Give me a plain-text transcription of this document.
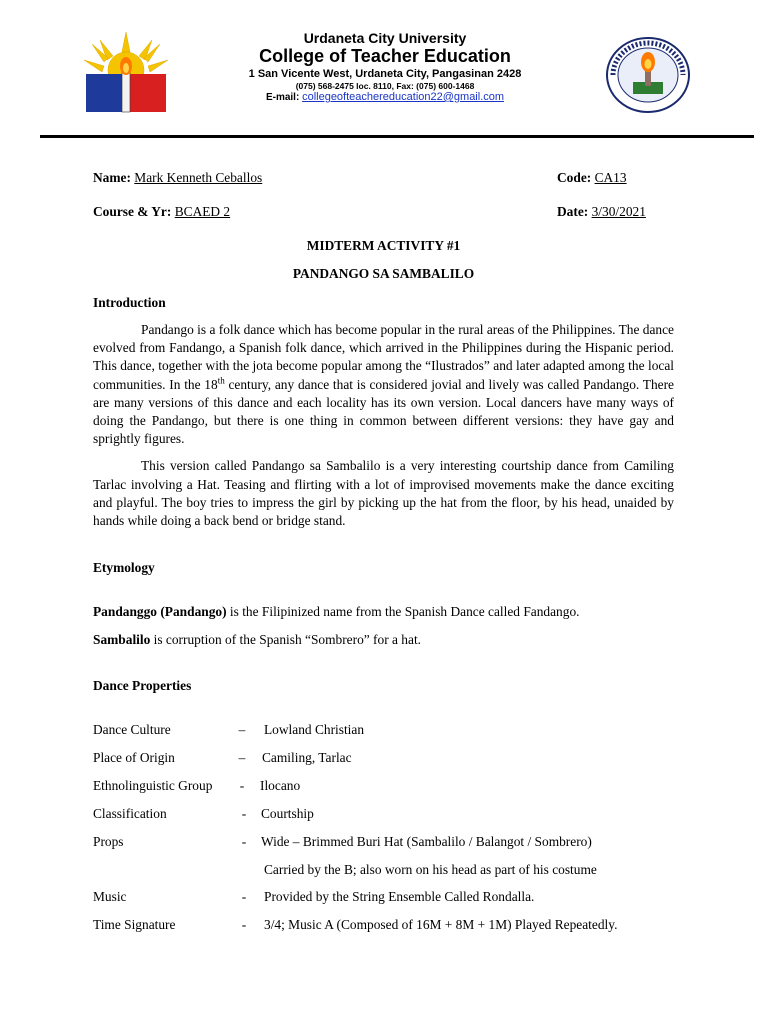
Urdaneta City University
College of Teacher Education
1 San Vicente West, Urdaneta City, Pangasinan 2428
(075) 568-2475 loc. 8110, Fax: (075) 600-1468
E-mail: collegeofteachereducation22@gmail.com
Name: Mark Kenneth Ceballos	Code: CA13
Course & Yr: BCAED 2	Date: 3/30/2021
MIDTERM ACTIVITY #1
PANDANGO SA SAMBALILO
Introduction

Pandango is a folk dance which has become popular in the rural areas of the Philippines. The dance evolved from Fandango, a Spanish folk dance, which arrived in the Philippines during the Hispanic period. This dance, together with the jota become popular among the “Ilustrados” and later adapted among the local communities. In the 18th century, any dance that is considered jovial and lively was called Pandango. There are many versions of this dance and each locality has its own version. Local dancers have many ways of doing the Pandango, but there is one thing in common between different versions: they have gay and sprightly figures.

This version called Pandango sa Sambalilo is a very interesting courtship dance from Camiling Tarlac involving a Hat. Teasing and flirting with a lot of improvised movements make the dance exciting and playful. The boy tries to impress the girl by picking up the hat from the floor, by his head, unaided by hands while doing a back bend or bridge stand.

Etymology
Pandanggo (Pandango) is the Filipinized name from the Spanish Dance called Fandango.
Sambalilo is corruption of the Spanish “Sombrero” for a hat.
Dance Properties
Dance Culture	–	Lowland Christian
Place of Origin	–	Camiling, Tarlac
Ethnolinguistic Group	-	Ilocano
Classification	-	Courtship
Props	-	Wide – Brimmed Buri Hat (Sambalilo / Balangot / Sombrero)
Carried by the B; also worn on his head as part of his costume
Music	-	Provided by the String Ensemble Called Rondalla.
Time Signature	-	3/4; Music A (Composed of 16M + 8M + 1M) Played Repeatedly.
